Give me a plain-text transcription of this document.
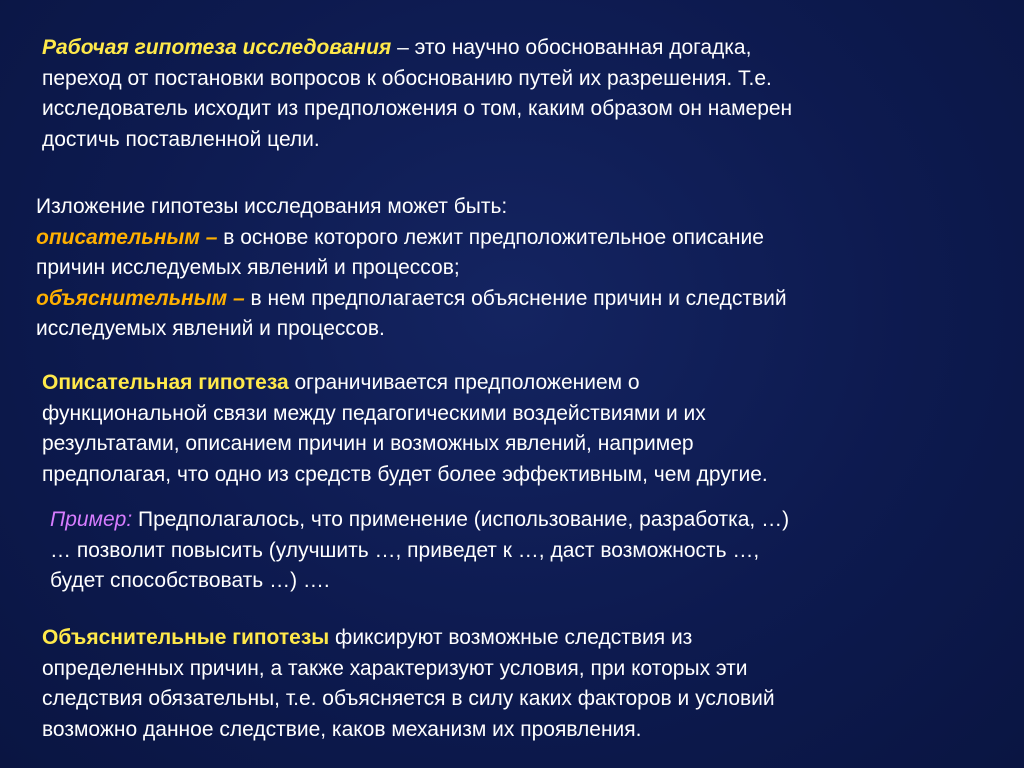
Рабочая гипотеза исследования – это научно обоснованная догадка,
переход от постановки вопросов к обоснованию путей их разрешения. Т.е.
исследователь исходит из предположения о том, каким образом он намерен
достичь поставленной цели.
Изложение гипотезы исследования может быть:
описательным – в основе которого лежит предположительное описание
причин исследуемых явлений и процессов;
объяснительным – в нем предполагается объяснение причин и следствий
исследуемых явлений и процессов.
Описательная гипотеза ограничивается предположением о
функциональной связи между педагогическими воздействиями и их
результатами, описанием причин и возможных явлений, например
предполагая, что одно из средств будет более эффективным, чем другие.
Пример: Предполагалось, что применение (использование, разработка, …)
… позволит повысить (улучшить …, приведет к …, даст возможность …,
будет способствовать …) ….
Объяснительные гипотезы фиксируют возможные следствия из
определенных причин, а также характеризуют условия, при которых эти
следствия обязательны, т.е. объясняется в силу каких факторов и условий
возможно данное следствие, каков механизм их проявления.
